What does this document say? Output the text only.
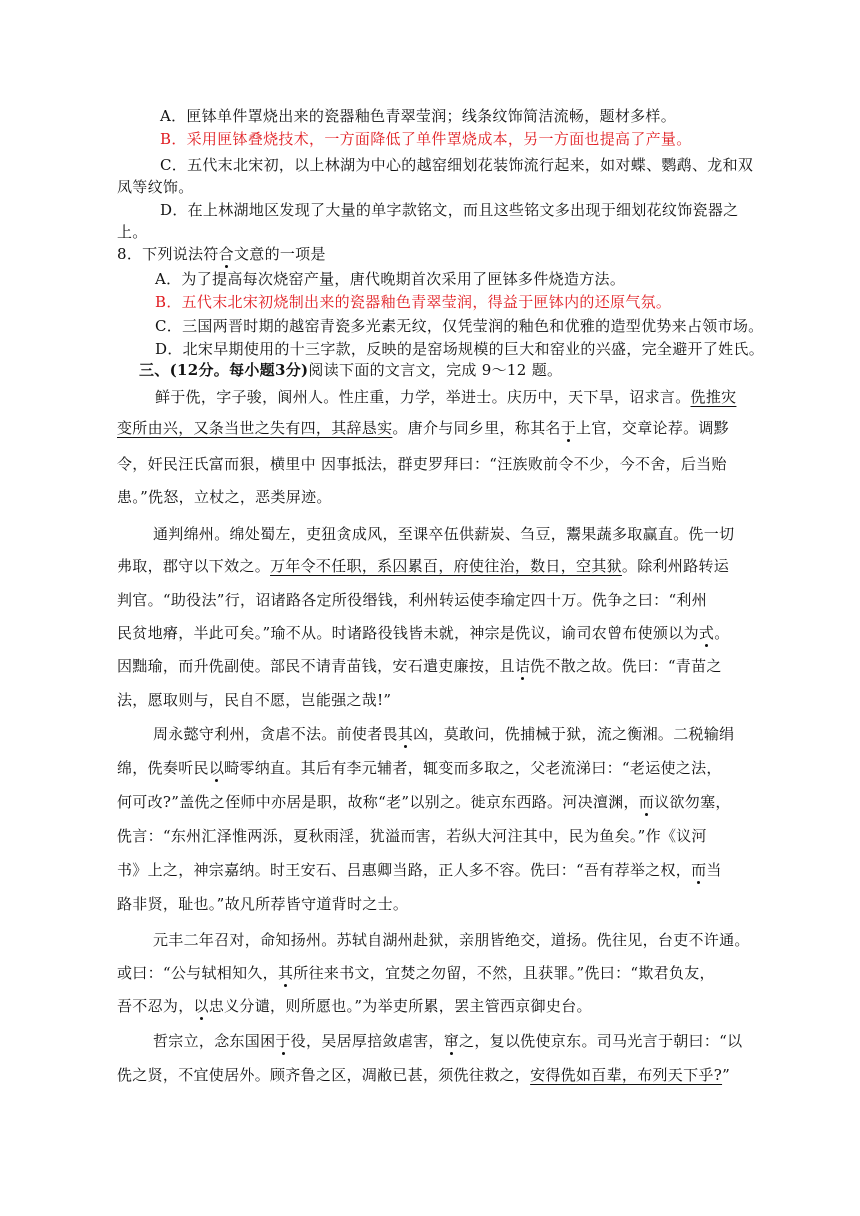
A．匣钵单件罩烧出来的瓷器釉色青翠莹润；线条纹饰简洁流畅，题材多样。
B．采用匣钵叠烧技术，一方面降低了单件罩烧成本，另一方面也提高了产量。
C．五代末北宋初，以上林湖为中心的越窑细划花装饰流行起来，如对蝶、鹦鹉、龙和双
凤等纹饰。
D．在上林湖地区发现了大量的单字款铭文，而且这些铭文多出现于细划花纹饰瓷器之
上。
8．下列说法符合文意的一项是
A．为了提高每次烧窑产量，唐代晚期首次采用了匣钵多件烧造方法。
B．五代末北宋初烧制出来的瓷器釉色青翠莹润，得益于匣钵内的还原气氛。
C．三国两晋时期的越窑青瓷多光素无纹，仅凭莹润的釉色和优雅的造型优势来占领市场。
D．北宋早期使用的十三字款，反映的是窑场规模的巨大和窑业的兴盛，完全避开了姓氏。
三、(12分。每小题3分)阅读下面的文言文，完成 9～12 题。
鲜于侁，字子骏，阆州人。性庄重，力学，举进士。庆历中，天下旱，诏求言。侁推灾
变所由兴，又条当世之失有四，其辞恳实。唐介与同乡里，称其名于上官，交章论荐。调黟
令，奸民汪氏富而狠，横里中 因事抵法，群吏罗拜曰：“汪族败前令不少，今不舍，后当贻
患。”侁怒，立杖之，恶类屏迹。
通判绵州。绵处蜀左，吏狃贪成风，至课卒伍供薪炭、刍豆，鬻果蔬多取赢直。侁一切
弗取，郡守以下效之。万年令不任职，系囚累百，府使往治，数日，空其狱。除利州路转运
判官。“助役法”行，诏诸路各定所役缗钱，利州转运使李瑜定四十万。侁争之曰：“利州
民贫地瘠，半此可矣。”瑜不从。时诸路役钱皆未就，神宗是侁议，谕司农曾布使颁以为式。
因黜瑜，而升侁副使。部民不请青苗钱，安石遣吏廉按，且诘侁不散之故。侁曰：“青苗之
法，愿取则与，民自不愿，岂能强之哉!”
周永懿守利州，贪虐不法。前使者畏其凶，莫敢问，侁捕械于狱，流之衡湘。二税输绢
绵，侁奏听民以畸零纳直。其后有李元辅者，辄变而多取之，父老流涕曰：“老运使之法，
何可改?”盖侁之侄师中亦居是职，故称“老”以别之。徙京东西路。河决澶渊，而议欲勿塞，
侁言：“东州汇泽惟两泺，夏秋雨淫，犹溢而害，若纵大河注其中，民为鱼矣。”作《议河
书》上之，神宗嘉纳。时王安石、吕惠卿当路，正人多不容。侁曰：“吾有荐举之权，而当
路非贤，耻也。”故凡所荐皆守道背时之士。
元丰二年召对，命知扬州。苏轼自湖州赴狱，亲朋皆绝交，道扬。侁往见，台吏不许通。
或曰：“公与轼相知久，其所往来书文，宜焚之勿留，不然，且获罪。”侁曰：“欺君负友，
吾不忍为，以忠义分谴，则所愿也。”为举吏所累，罢主管西京御史台。
哲宗立，念东国困于役，吴居厚掊敛虐害，窜之，复以侁使京东。司马光言于朝曰：“以
侁之贤，不宜使居外。顾齐鲁之区，凋敝已甚，须侁往救之，安得侁如百辈，布列天下乎?”
